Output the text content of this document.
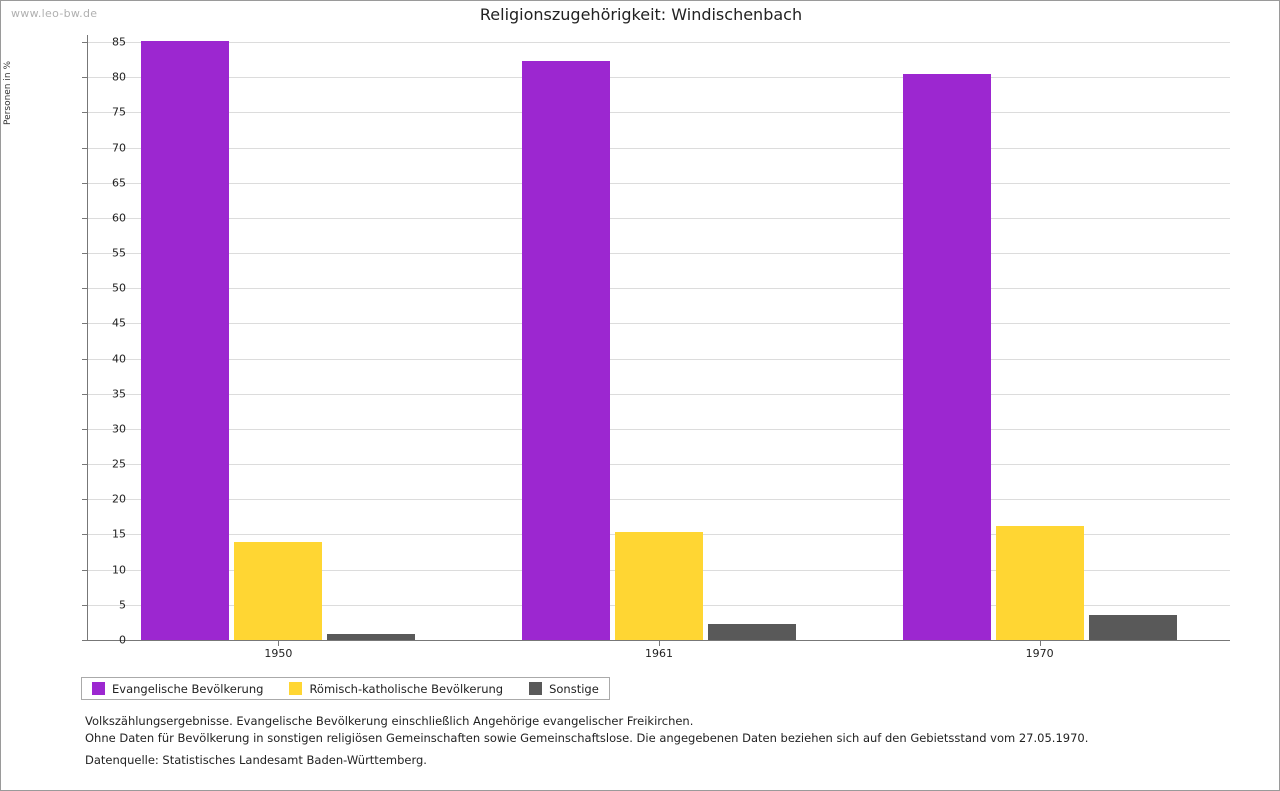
www.leo-bw.de	Religionszugehörigkeit: Windischenbach
Personen in %
0
5
10
15
20
25
30
35
40
45
50
55
60
65
70
75
80
85
1950	1961	1970
Evangelische Bevölkerung	Römisch-katholische Bevölkerung	Sonstige
Volkszählungsergebnisse. Evangelische Bevölkerung einschließlich Angehörige evangelischer Freikirchen.
Ohne Daten für Bevölkerung in sonstigen religiösen Gemeinschaften sowie Gemeinschaftslose. Die angegebenen Daten beziehen sich auf den Gebietsstand vom 27.05.1970.
Datenquelle: Statistisches Landesamt Baden-Württemberg.
